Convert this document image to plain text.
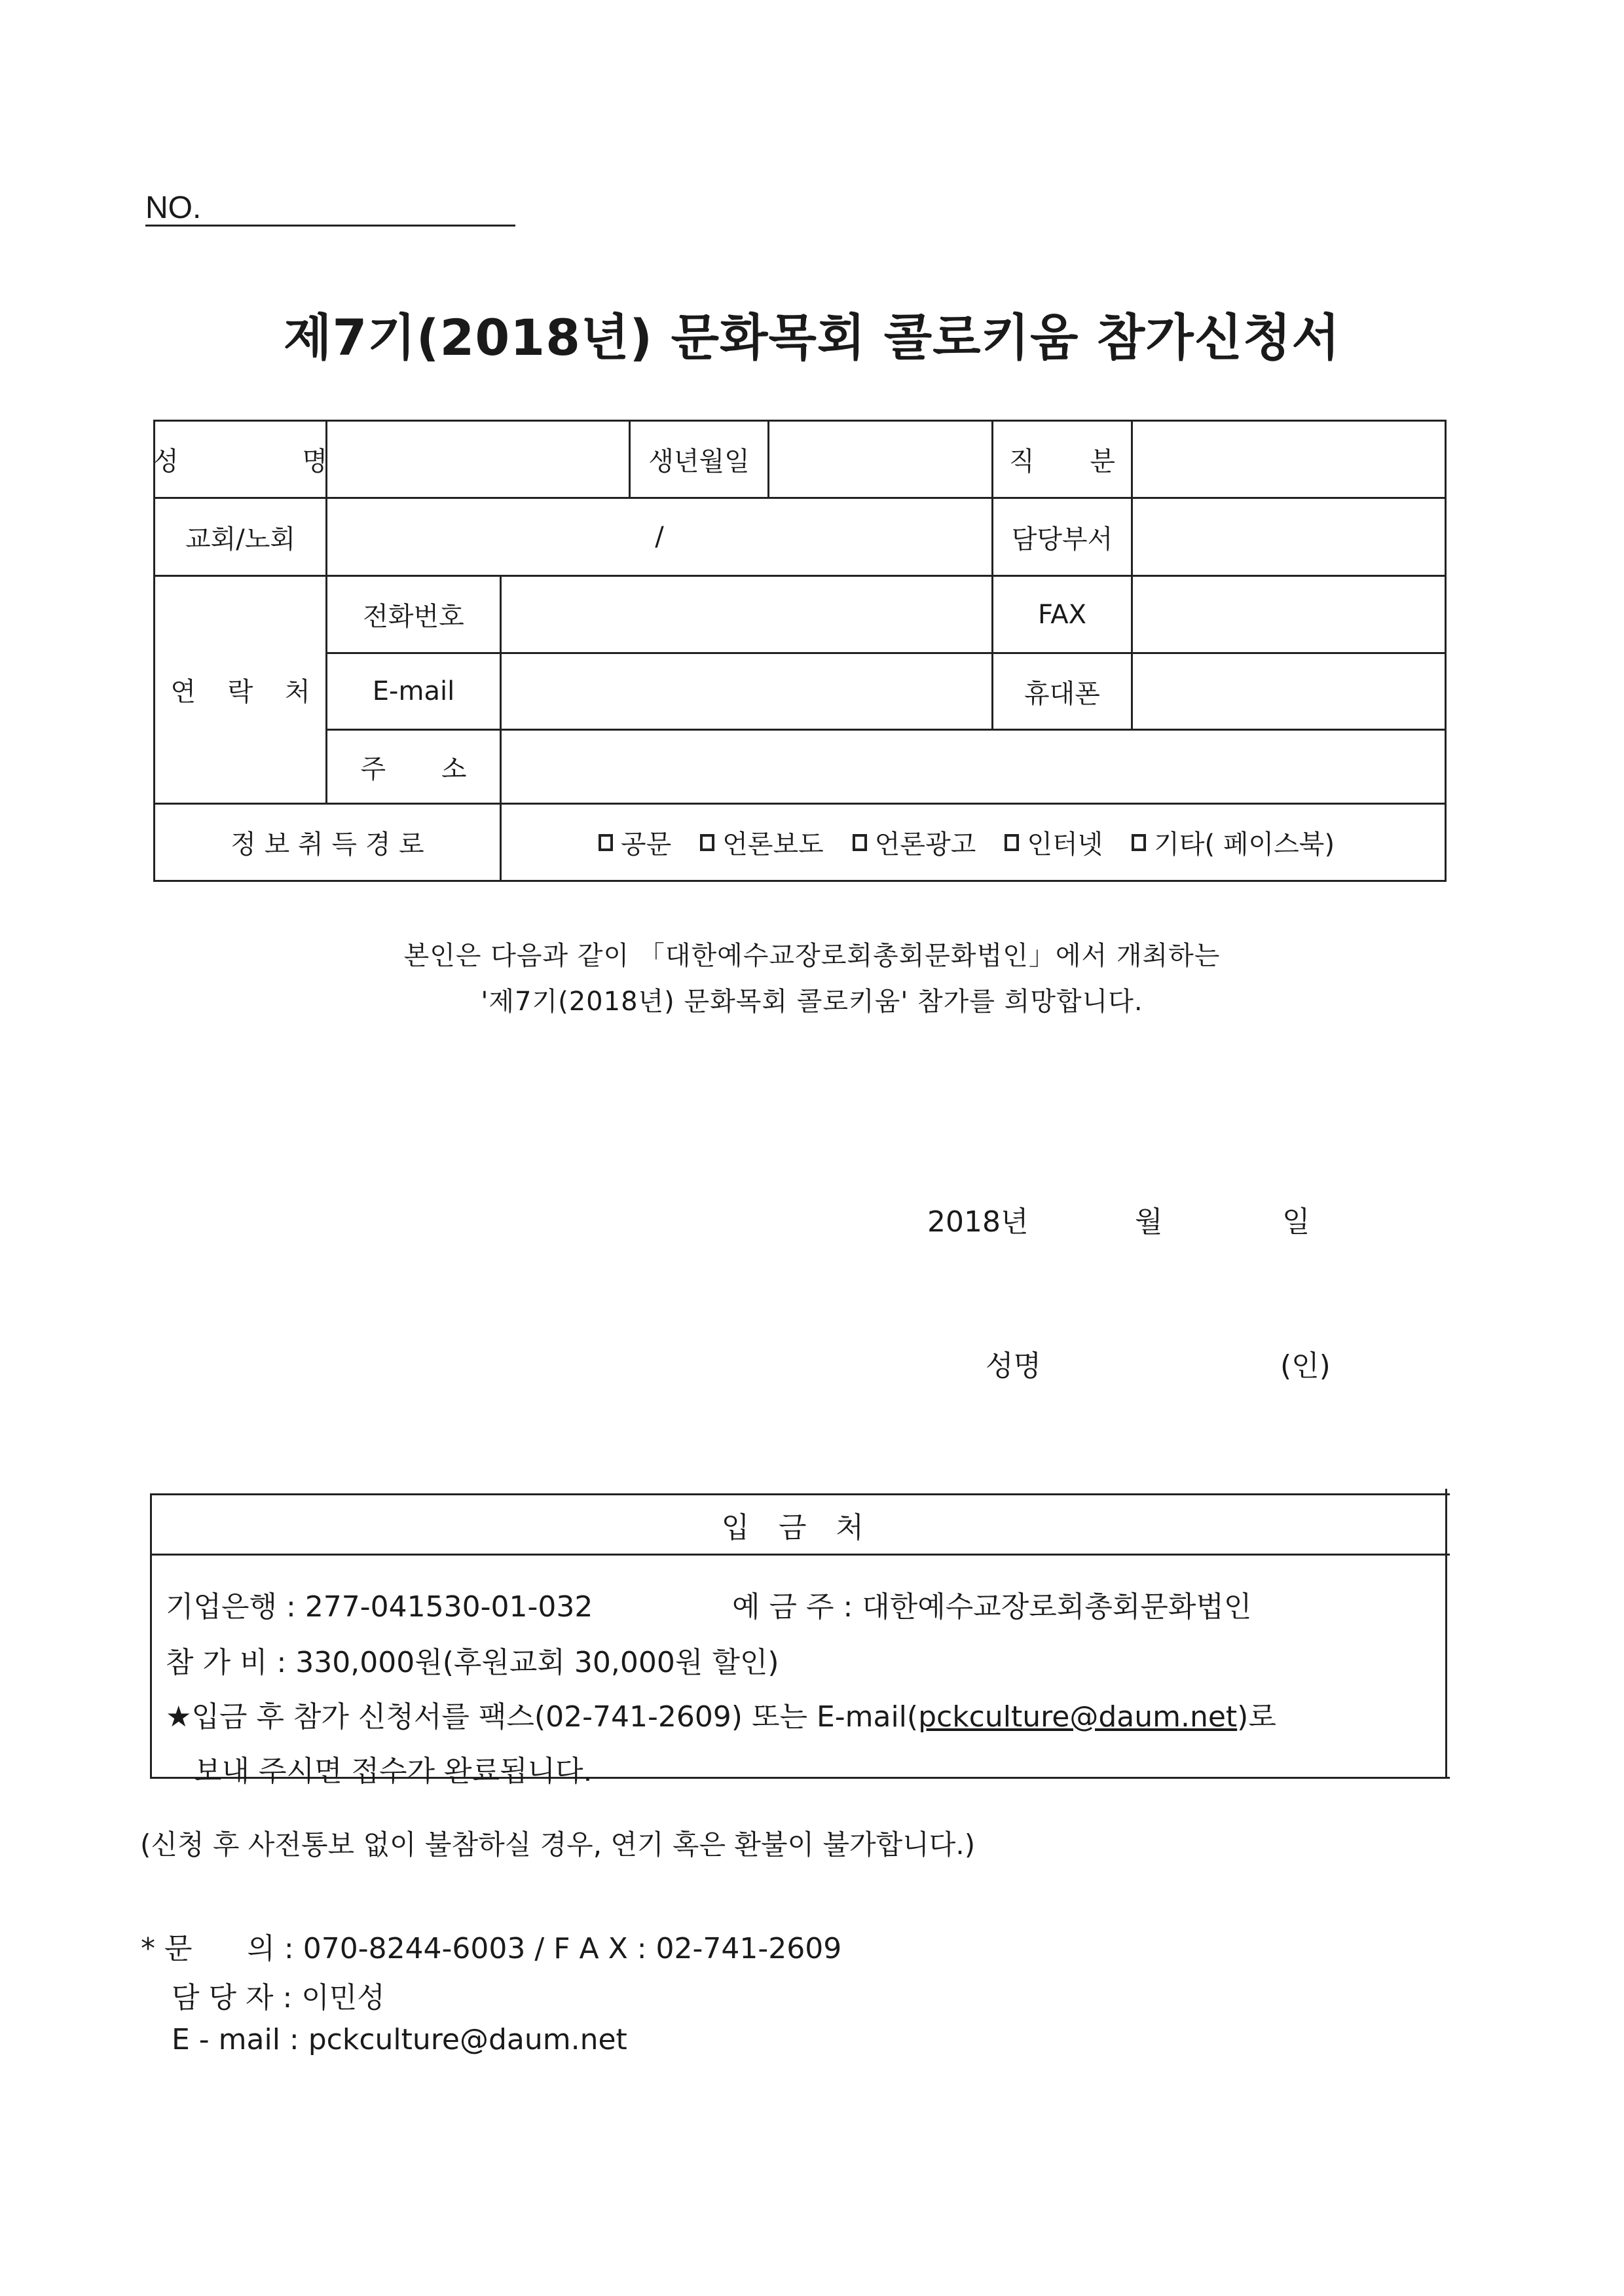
NO.
제7기(2018년) 문화목회 콜로키움 참가신청서
성 명	생년월일	직 분
교회/노회	/	담당부서
연 락 처
전화번호	FAX
E-mail	휴대폰
주 소
정 보 취 득 경 로	공문 언론보도 언론광고 인터넷 기타( 페이스북)
본인은 다음과 같이 「대한예수교장로회총회문화법인」에서 개최하는
'제7기(2018년) 문화목회 콜로키움' 참가를 희망합니다.
2018년	월	일
성명	(인)
입 금 처
기업은행 : 277-041530-01-032	예 금 주 : 대한예수교장로회총회문화법인
참 가 비 : 330,000원(후원교회 30,000원 할인)
★입금 후 참가 신청서를 팩스(02-741-2609) 또는 E-mail(pckculture@daum.net)로
보내 주시면 접수가 완료됩니다.
(신청 후 사전통보 없이 불참하실 경우, 연기 혹은 환불이 불가합니다.)
* 문      의 : 070-8244-6003 / F A X : 02-741-2609
담 당 자 : 이민성
E - mail : pckculture@daum.net
